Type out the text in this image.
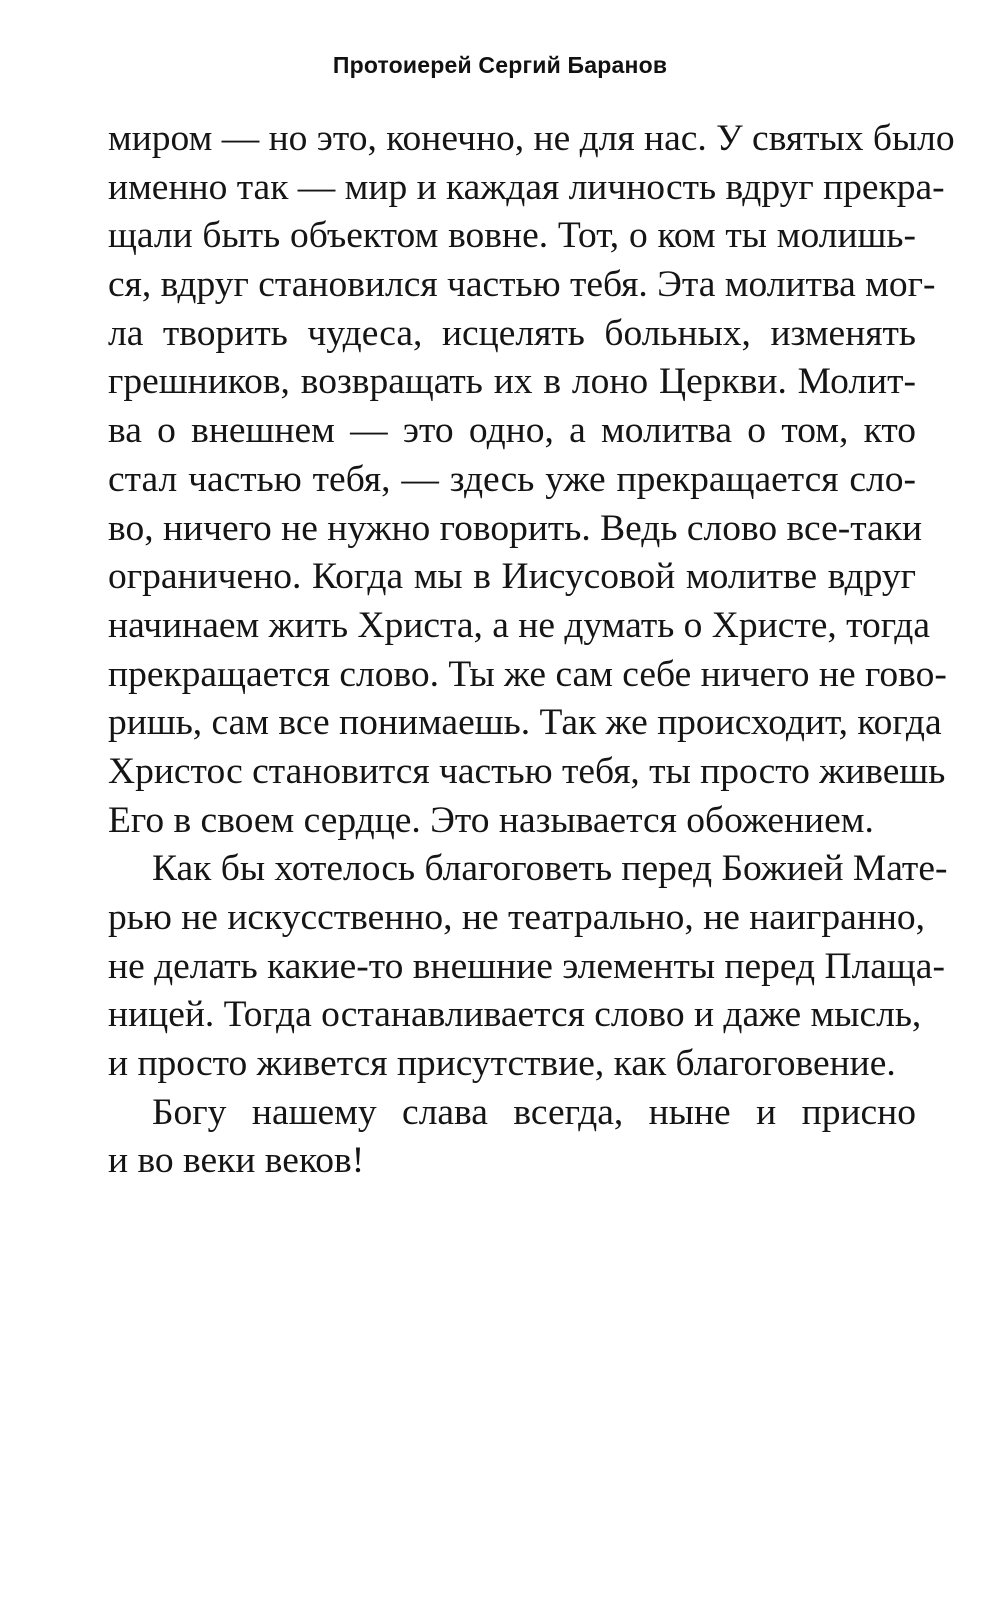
Протоиерей Сергий Баранов
миром — но это, конечно, не для нас. У святых было
именно так — мир и каждая личность вдруг прекра-
щали быть объектом вовне. Тот, о ком ты молишь-
ся, вдруг становился частью тебя. Эта молитва мог-
ла творить чудеса, исцелять больных, изменять
грешников, возвращать их в лоно Церкви. Молит-
ва о внешнем — это одно, а молитва о том, кто
стал частью тебя, — здесь уже прекращается сло-
во, ничего не нужно говорить. Ведь слово все-таки
ограничено. Когда мы в Иисусовой молитве вдруг
начинаем жить Христа, а не думать о Христе, тогда
прекращается слово. Ты же сам себе ничего не гово-
ришь, сам все понимаешь. Так же происходит, когда
Христос становится частью тебя, ты просто живешь
Его в своем сердце. Это называется обожением.
Как бы хотелось благоговеть перед Божией Мате-
рью не искусственно, не театрально, не наигранно,
не делать какие-то внешние элементы перед Плаща-
ницей. Тогда останавливается слово и даже мысль,
и просто живется присутствие, как благоговение.
Богу нашему слава всегда, ныне и присно
и во веки веков!
